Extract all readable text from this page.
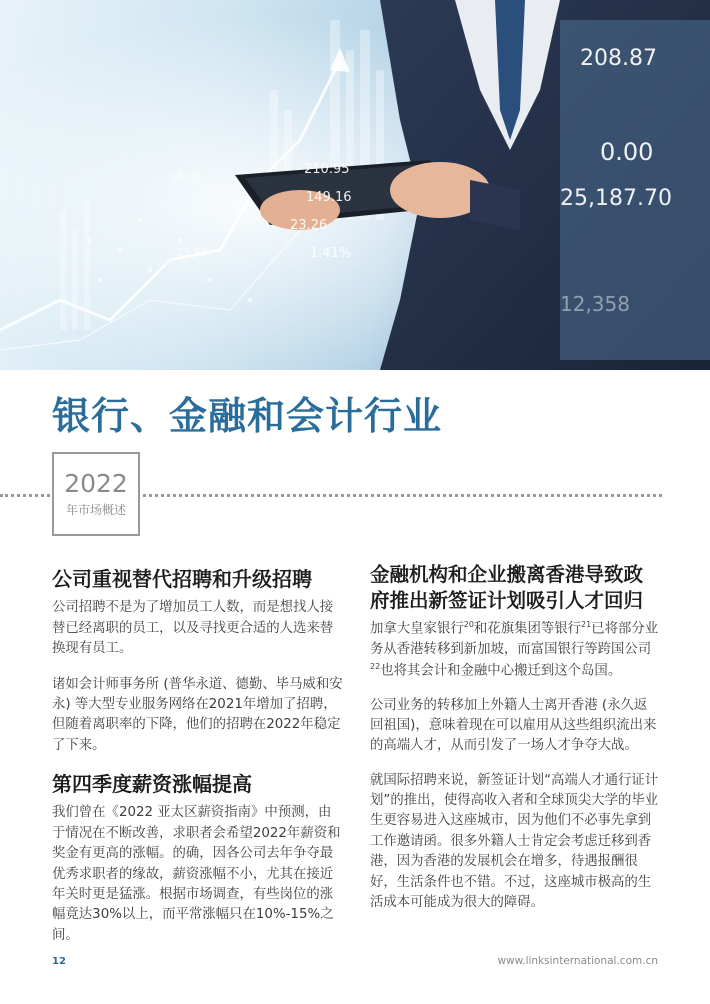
208.87
0.00
25,187.70
210.95
149.16
23.26
1.41%
12,358
16.95
13.92
银行、金融和会计行业
2022
年市场概述
公司重视替代招聘和升级招聘

公司招聘不是为了增加员工人数，而是想找人接替已经离职的员工，以及寻找更合适的人选来替换现有员工。

诸如会计师事务所 (普华永道、德勤、毕马威和安永) 等大型专业服务网络在2021年增加了招聘，但随着离职率的下降，他们的招聘在2022年稳定了下来。

第四季度薪资涨幅提高

我们曾在《2022 亚太区薪资指南》中预测，由于情况在不断改善，求职者会希望2022年薪资和奖金有更高的涨幅。的确，因各公司去年争夺最优秀求职者的缘故，薪资涨幅不小，尤其在接近年关时更是猛涨。根据市场调查，有些岗位的涨幅竟达30%以上，而平常涨幅只在10%-15%之间。

金融机构和企业搬离香港导致政府推出新签证计划吸引人才回归

加拿大皇家银行$^{20}$和花旗集团等银行$^{21}$已将部分业务从香港转移到新加坡，而富国银行等跨国公司$^{22}$也将其会计和金融中心搬迁到这个岛国。

公司业务的转移加上外籍人士离开香港 (永久返回祖国)，意味着现在可以雇用从这些组织流出来的高端人才，从而引发了一场人才争夺大战。

就国际招聘来说，新签证计划“高端人才通行证计划”的推出，使得高收入者和全球顶尖大学的毕业生更容易进入这座城市，因为他们不必事先拿到工作邀请函。很多外籍人士肯定会考虑迁移到香港，因为香港的发展机会在增多，待遇报酬很好，生活条件也不错。不过，这座城市极高的生活成本可能成为很大的障碍。

12	www.linksinternational.com.cn
